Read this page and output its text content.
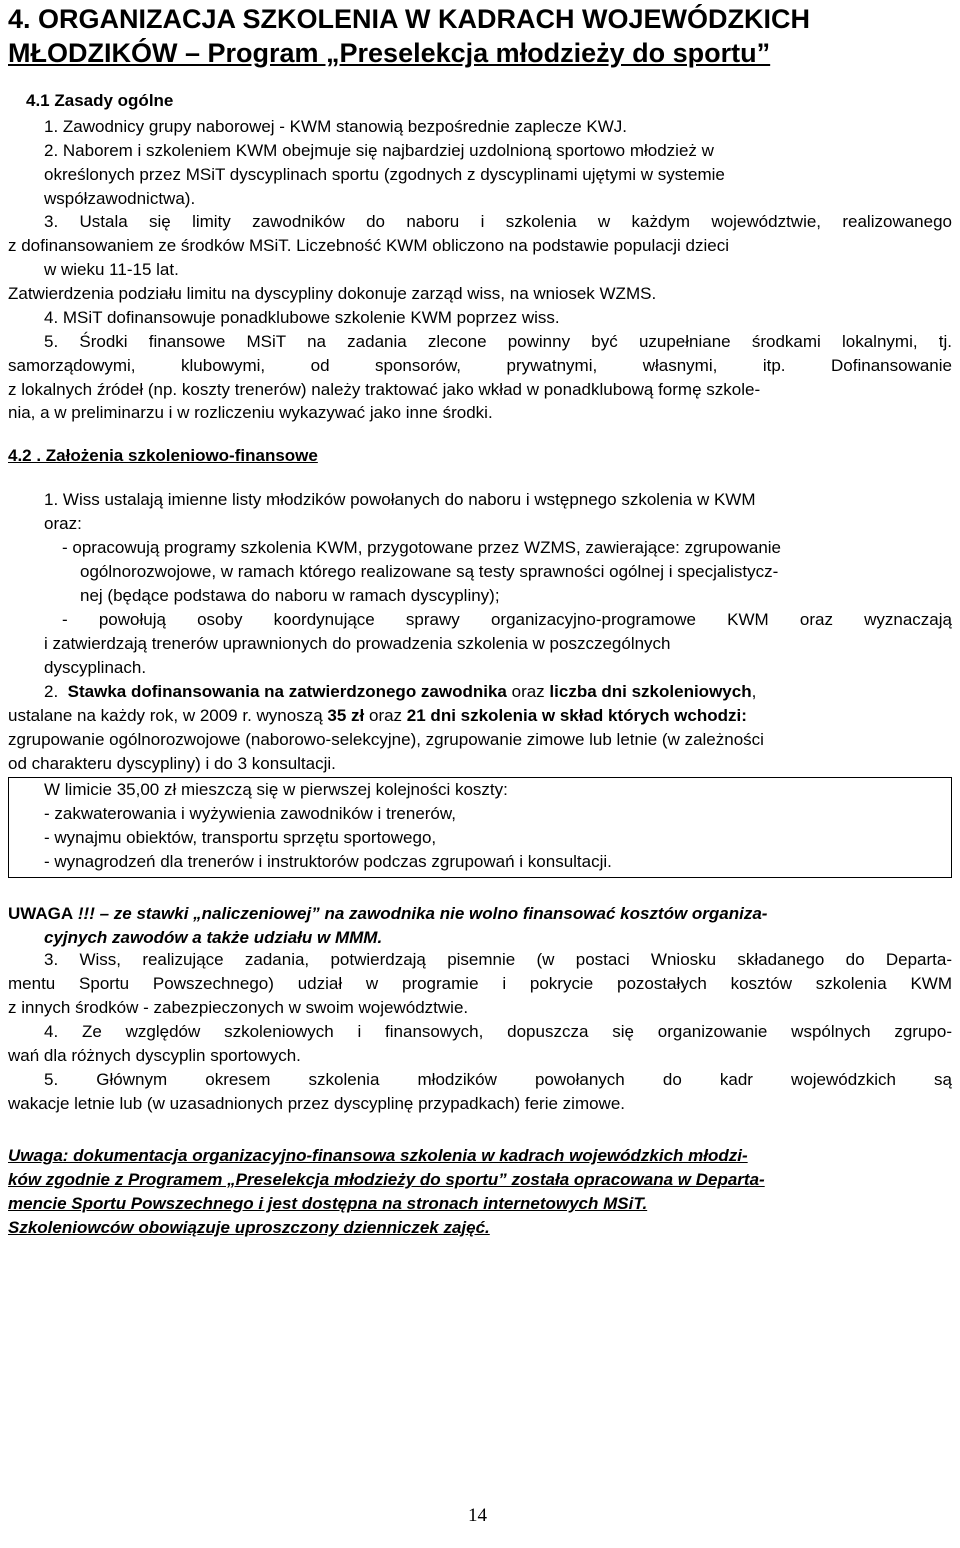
4. ORGANIZACJA SZKOLENIA W KADRACH WOJEWÓDZKICH
MŁODZIKÓW – Program „Preselekcja młodzieży do sportu”
4.1 Zasady ogólne
1. Zawodnicy grupy naborowej - KWM stanowią bezpośrednie zaplecze KWJ.
2. Naborem i szkoleniem KWM obejmuje się najbardziej uzdolnioną sportowo młodzież w
określonych przez MSiT dyscyplinach sportu (zgodnych z dyscyplinami ujętymi w systemie
współzawodnictwa).
3. Ustala się limity zawodników do naboru i szkolenia w każdym województwie, realizowanego
z dofinansowaniem ze środków MSiT. Liczebność KWM obliczono na podstawie populacji dzieci
w wieku 11-15 lat.
Zatwierdzenia podziału limitu na dyscypliny dokonuje zarząd wiss, na wniosek WZMS.
4. MSiT dofinansowuje ponadklubowe szkolenie KWM poprzez wiss.
5. Środki finansowe MSiT na zadania zlecone powinny być uzupełniane środkami lokalnymi, tj.
samorządowymi, klubowymi, od sponsorów, prywatnymi, własnymi, itp. Dofinansowanie
z lokalnych źródeł (np. koszty trenerów) należy traktować jako wkład w ponadklubową formę szkole-
nia, a w preliminarzu i w rozliczeniu wykazywać jako inne środki.
4.2 . Założenia szkoleniowo-finansowe
1. Wiss ustalają imienne listy młodzików powołanych do naboru i wstępnego szkolenia w KWM
oraz:
- opracowują programy szkolenia KWM, przygotowane przez WZMS, zawierające: zgrupowanie
ogólnorozwojowe, w ramach którego realizowane są testy sprawności ogólnej i specjalistycz-
nej (będące podstawa do naboru w ramach dyscypliny);
- powołują osoby koordynujące sprawy organizacyjno-programowe KWM oraz wyznaczają
i zatwierdzają trenerów uprawnionych do prowadzenia szkolenia w poszczególnych
dyscyplinach.
2. Stawka dofinansowania na zatwierdzonego zawodnika oraz liczba dni szkoleniowych,
ustalane na każdy rok, w 2009 r. wynoszą 35 zł oraz 21 dni szkolenia w skład których wchodzi:
zgrupowanie ogólnorozwojowe (naborowo-selekcyjne), zgrupowanie zimowe lub letnie (w zależności
od charakteru dyscypliny) i do 3 konsultacji.
W limicie 35,00 zł mieszczą się w pierwszej kolejności koszty:
- zakwaterowania i wyżywienia zawodników i trenerów,
- wynajmu obiektów, transportu sprzętu sportowego,
- wynagrodzeń dla trenerów i instruktorów podczas zgrupowań i konsultacji.
UWAGA !!! – ze stawki „naliczeniowej” na zawodnika nie wolno finansować kosztów organiza-
cyjnych zawodów a także udziału w MMM.
3. Wiss, realizujące zadania, potwierdzają pisemnie (w postaci Wniosku składanego do Departa-
mentu Sportu Powszechnego) udział w programie i pokrycie pozostałych kosztów szkolenia KWM
z innych środków - zabezpieczonych w swoim województwie.
4. Ze względów szkoleniowych i finansowych, dopuszcza się organizowanie wspólnych zgrupo-
wań dla różnych dyscyplin sportowych.
5. Głównym okresem szkolenia młodzików powołanych do kadr wojewódzkich są
wakacje letnie lub (w uzasadnionych przez dyscyplinę przypadkach) ferie zimowe.
Uwaga: dokumentacja organizacyjno-finansowa szkolenia w kadrach wojewódzkich młodzi-
ków zgodnie z Programem „Preselekcja młodzieży do sportu” została opracowana w Departa-
mencie Sportu Powszechnego i jest dostępna na stronach internetowych MSiT.
Szkoleniowców obowiązuje uproszczony dzienniczek zajęć.
14
